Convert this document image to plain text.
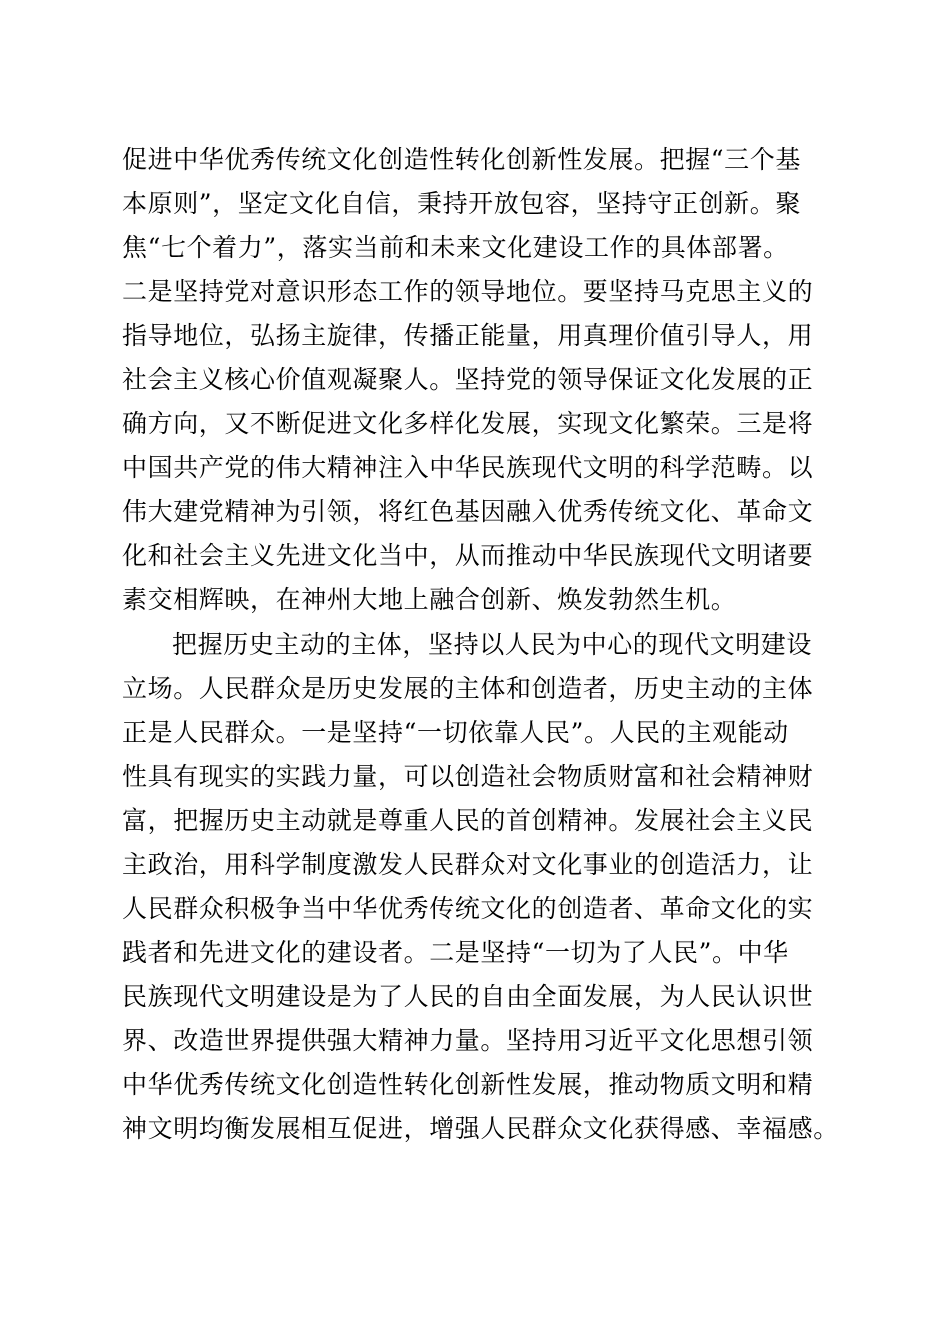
促进中华优秀传统文化创造性转化创新性发展。把握“三个基
本原则”，坚定文化自信，秉持开放包容，坚持守正创新。聚
焦“七个着力”，落实当前和未来文化建设工作的具体部署。
二是坚持党对意识形态工作的领导地位。要坚持马克思主义的
指导地位，弘扬主旋律，传播正能量，用真理价值引导人，用
社会主义核心价值观凝聚人。坚持党的领导保证文化发展的正
确方向，又不断促进文化多样化发展，实现文化繁荣。三是将
中国共产党的伟大精神注入中华民族现代文明的科学范畴。以
伟大建党精神为引领，将红色基因融入优秀传统文化、革命文
化和社会主义先进文化当中，从而推动中华民族现代文明诸要
素交相辉映，在神州大地上融合创新、焕发勃然生机。
把握历史主动的主体，坚持以人民为中心的现代文明建设
立场。人民群众是历史发展的主体和创造者，历史主动的主体
正是人民群众。一是坚持“一切依靠人民”。人民的主观能动
性具有现实的实践力量，可以创造社会物质财富和社会精神财
富，把握历史主动就是尊重人民的首创精神。发展社会主义民
主政治，用科学制度激发人民群众对文化事业的创造活力，让
人民群众积极争当中华优秀传统文化的创造者、革命文化的实
践者和先进文化的建设者。二是坚持“一切为了人民”。中华
民族现代文明建设是为了人民的自由全面发展，为人民认识世
界、改造世界提供强大精神力量。坚持用习近平文化思想引领
中华优秀传统文化创造性转化创新性发展，推动物质文明和精
神文明均衡发展相互促进，增强人民群众文化获得感、幸福感。
